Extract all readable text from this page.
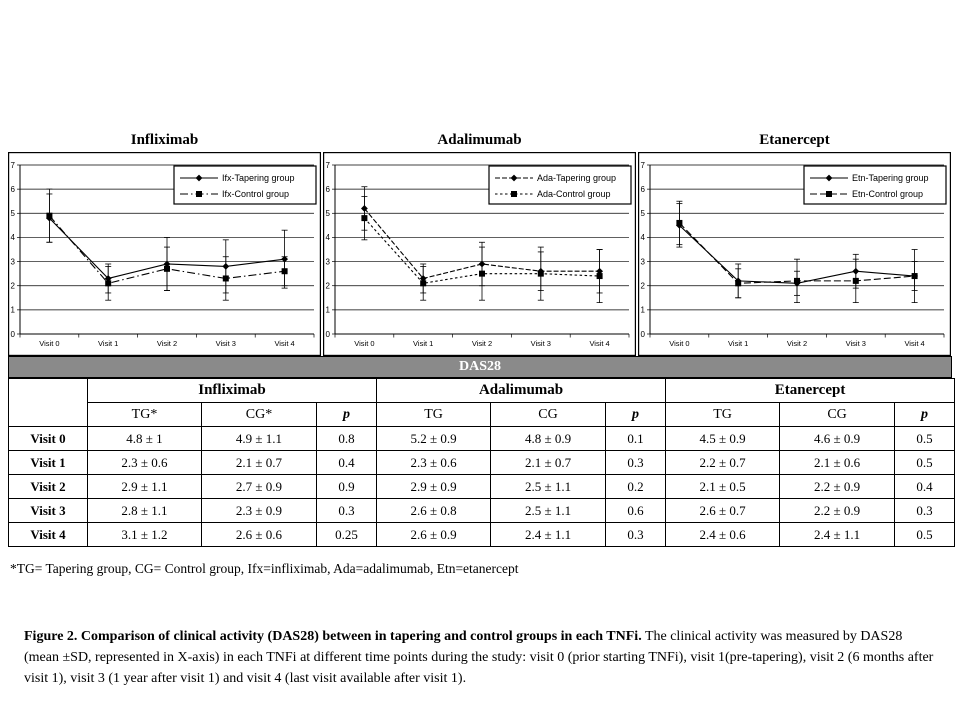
Infliximab
0
1
2
3
4
5
6
7
Visit 0	Visit 1	Visit 2	Visit 3	Visit 4
Ifx-Tapering group
Ifx-Control group
Adalimumab
0
1
2
3
4
5
6
7
Visit 0	Visit 1	Visit 2	Visit 3	Visit 4
Ada-Tapering group
Ada-Control group
Etanercept
0
1
2
3
4
5
6
7
Visit 0	Visit 1	Visit 2	Visit 3	Visit 4
Etn-Tapering group
Etn-Control group
DAS28
	Infliximab			Adalimumab			Etanercept		
	TG*	CG*	p	TG	CG	p	TG	CG	p
Visit 0	4.8 ± 1	4.9 ± 1.1	0.8	5.2 ± 0.9	4.8 ± 0.9	0.1	4.5 ± 0.9	4.6 ± 0.9	0.5
Visit 1	2.3 ± 0.6	2.1 ± 0.7	0.4	2.3 ± 0.6	2.1 ± 0.7	0.3	2.2 ± 0.7	2.1 ± 0.6	0.5
Visit 2	2.9 ± 1.1	2.7 ± 0.9	0.9	2.9 ± 0.9	2.5 ± 1.1	0.2	2.1 ± 0.5	2.2 ± 0.9	0.4
Visit 3	2.8 ± 1.1	2.3 ± 0.9	0.3	2.6 ± 0.8	2.5 ± 1.1	0.6	2.6 ± 0.7	2.2 ± 0.9	0.3
Visit 4	3.1 ± 1.2	2.6 ± 0.6	0.25	2.6 ± 0.9	2.4 ± 1.1	0.3	2.4 ± 0.6	2.4 ± 1.1	0.5

*TG= Tapering group, CG= Control group, Ifx=infliximab, Ada=adalimumab, Etn=etanercept

Figure 2. Comparison of clinical activity (DAS28) between in tapering and control groups in each TNFi. The clinical activity was measured by DAS28 (mean ±SD, represented in X-axis) in each TNFi at different time points during the study: visit 0 (prior starting TNFi), visit 1(pre-tapering), visit 2 (6 months after visit 1), visit 3 (1 year after visit 1) and visit 4 (last visit available after visit 1).
